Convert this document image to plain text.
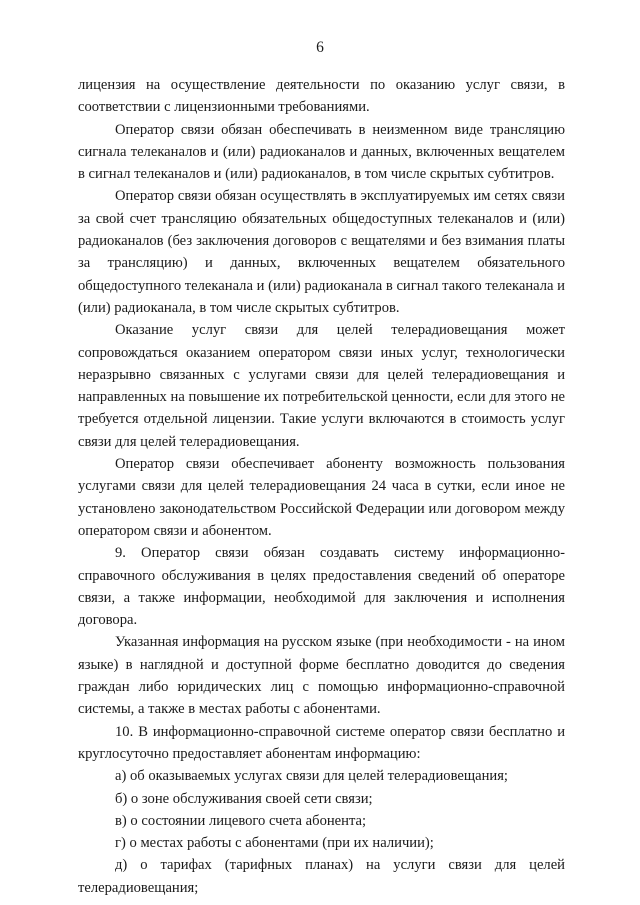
6

лицензия на осуществление деятельности по оказанию услуг связи, в соответствии с лицензионными требованиями.

Оператор связи обязан обеспечивать в неизменном виде трансляцию сигнала телеканалов и (или) радиоканалов и данных, включенных вещателем в сигнал телеканалов и (или) радиоканалов, в том числе скрытых субтитров.

Оператор связи обязан осуществлять в эксплуатируемых им сетях связи за свой счет трансляцию обязательных общедоступных телеканалов и (или) радиоканалов (без заключения договоров с вещателями и без взимания платы за трансляцию) и данных, включенных вещателем обязательного общедоступного телеканала и (или) радиоканала в сигнал такого телеканала и (или) радиоканала, в том числе скрытых субтитров.

Оказание услуг связи для целей телерадиовещания может сопровождаться оказанием оператором связи иных услуг, технологически неразрывно связанных с услугами связи для целей телерадиовещания и направленных на повышение их потребительской ценности, если для этого не требуется отдельной лицензии. Такие услуги включаются в стоимость услуг связи для целей телерадиовещания.

Оператор связи обеспечивает абоненту возможность пользования услугами связи для целей телерадиовещания 24 часа в сутки, если иное не установлено законодательством Российской Федерации или договором между оператором связи и абонентом.

9. Оператор связи обязан создавать систему информационно-справочного обслуживания в целях предоставления сведений об операторе связи, а также информации, необходимой для заключения и исполнения договора.

Указанная информация на русском языке (при необходимости - на ином языке) в наглядной и доступной форме бесплатно доводится до сведения граждан либо юридических лиц с помощью информационно-справочной системы, а также в местах работы с абонентами.

10. В информационно-справочной системе оператор связи бесплатно и круглосуточно предоставляет абонентам информацию:

а) об оказываемых услугах связи для целей телерадиовещания;

б) о зоне обслуживания своей сети связи;

в) о состоянии лицевого счета абонента;

г) о местах работы с абонентами (при их наличии);

д) о тарифах (тарифных планах) на услуги связи для целей телерадиовещания;
